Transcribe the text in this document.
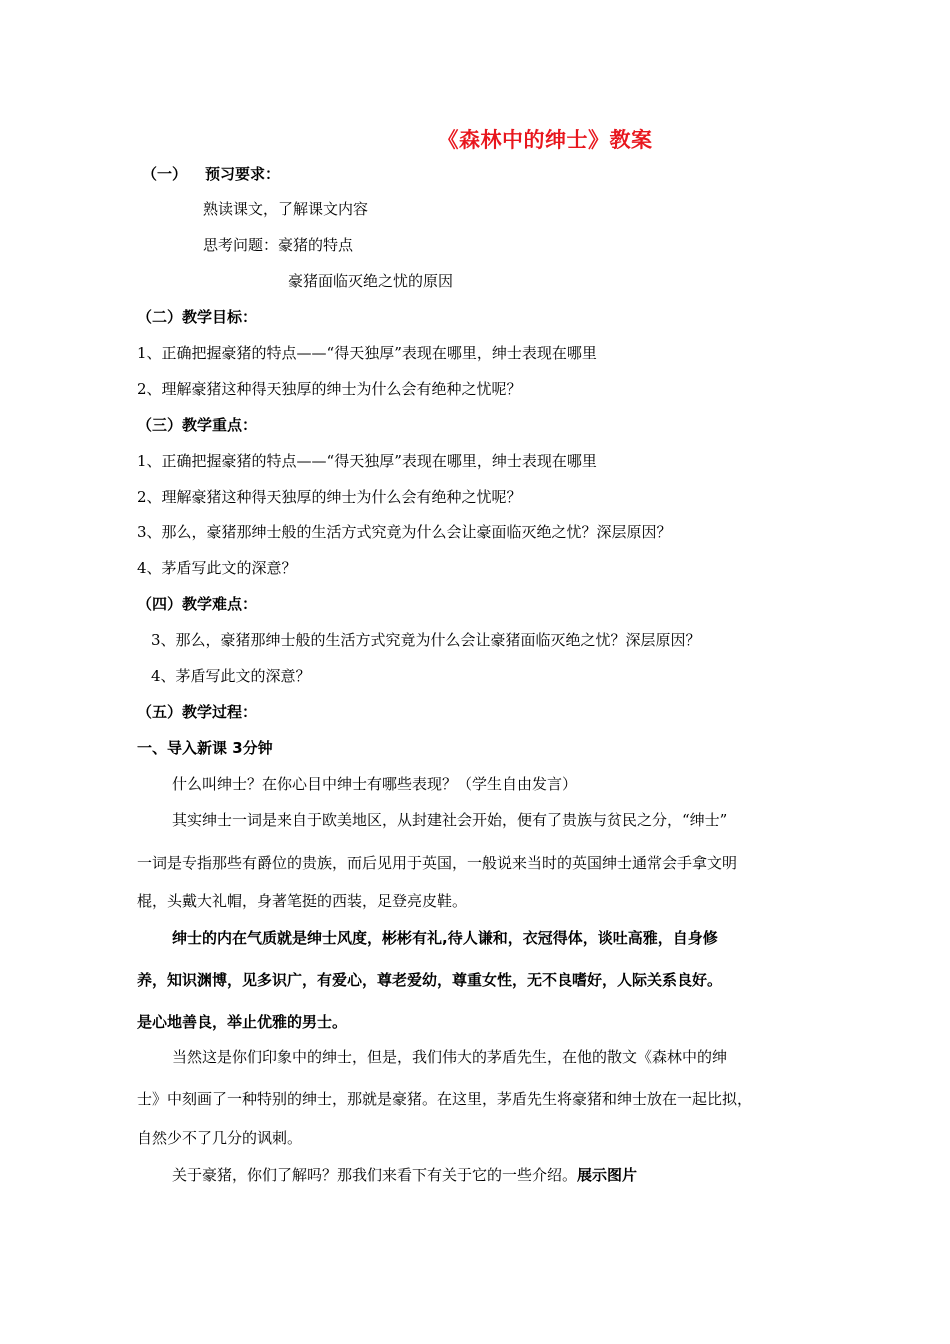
《森林中的绅士》教案
（一） 预习要求：
熟读课文，了解课文内容
思考问题：豪猪的特点
豪猪面临灭绝之忧的原因
（二）教学目标：
1、正确把握豪猪的特点——“得天独厚”表现在哪里，绅士表现在哪里
2、理解豪猪这种得天独厚的绅士为什么会有绝种之忧呢？
（三）教学重点：
1、正确把握豪猪的特点——“得天独厚”表现在哪里，绅士表现在哪里
2、理解豪猪这种得天独厚的绅士为什么会有绝种之忧呢？
3、那么，豪猪那绅士般的生活方式究竟为什么会让豪面临灭绝之忧？深层原因？
4、茅盾写此文的深意？
（四）教学难点：
3、那么，豪猪那绅士般的生活方式究竟为什么会让豪猪面临灭绝之忧？深层原因？
4、茅盾写此文的深意？
（五）教学过程：
一、导入新课 3分钟
什么叫绅士？在你心目中绅士有哪些表现？（学生自由发言）
其实绅士一词是来自于欧美地区，从封建社会开始，便有了贵族与贫民之分，“绅士”
一词是专指那些有爵位的贵族，而后见用于英国，一般说来当时的英国绅士通常会手拿文明
棍，头戴大礼帽，身著笔挺的西装，足登亮皮鞋。
绅士的内在气质就是绅士风度，彬彬有礼,待人谦和，衣冠得体，谈吐高雅，自身修
养，知识渊博，见多识广，有爱心，尊老爱幼，尊重女性，无不良嗜好，人际关系良好。
是心地善良，举止优雅的男士。
当然这是你们印象中的绅士，但是，我们伟大的茅盾先生，在他的散文《森林中的绅
士》中刻画了一种特别的绅士，那就是豪猪。在这里，茅盾先生将豪猪和绅士放在一起比拟，
自然少不了几分的讽刺。
关于豪猪，你们了解吗？那我们来看下有关于它的一些介绍。展示图片
